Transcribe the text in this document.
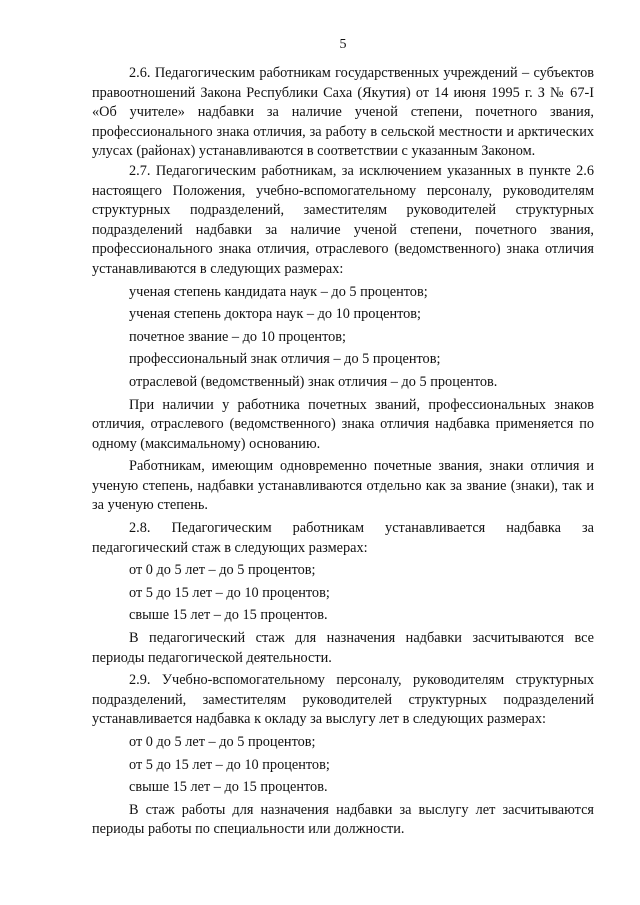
5

2.6. Педагогическим работникам государственных учреждений – субъектов правоотношений Закона Республики Саха (Якутия) от 14 июня 1995 г. З № 67-I «Об учителе» надбавки за наличие ученой степени, почетного звания, профессионального знака отличия, за работу в сельской местности и арктических улусах (районах) устанавливаются в соответствии с указанным Законом.

2.7. Педагогическим работникам, за исключением указанных в пункте 2.6 настоящего Положения, учебно-вспомогательному персоналу, руководителям структурных подразделений, заместителям руководителей структурных подразделений надбавки за наличие ученой степени, почетного звания, профессионального знака отличия, отраслевого (ведомственного) знака отличия устанавливаются в следующих размерах:

ученая степень кандидата наук – до 5 процентов;

ученая степень доктора наук – до 10 процентов;

почетное звание – до 10 процентов;

профессиональный знак отличия – до 5 процентов;

отраслевой (ведомственный) знак отличия – до 5 процентов.

При наличии у работника почетных званий, профессиональных знаков отличия, отраслевого (ведомственного) знака отличия надбавка применяется по одному (максимальному) основанию.

Работникам, имеющим одновременно почетные звания, знаки отличия и ученую степень, надбавки устанавливаются отдельно как за звание (знаки), так и за ученую степень.

2.8. Педагогическим работникам устанавливается надбавка за педагогический стаж в следующих размерах:

от 0 до 5 лет – до 5 процентов;

от 5 до 15 лет – до 10 процентов;

свыше 15 лет – до 15 процентов.

В педагогический стаж для назначения надбавки засчитываются все периоды педагогической деятельности.

2.9. Учебно-вспомогательному персоналу, руководителям структурных подразделений, заместителям руководителей структурных подразделений устанавливается надбавка к окладу за выслугу лет в следующих размерах:

от 0 до 5 лет – до 5 процентов;

от 5 до 15 лет – до 10 процентов;

свыше 15 лет – до 15 процентов.

В стаж работы для назначения надбавки за выслугу лет засчитываются периоды работы по специальности или должности.
